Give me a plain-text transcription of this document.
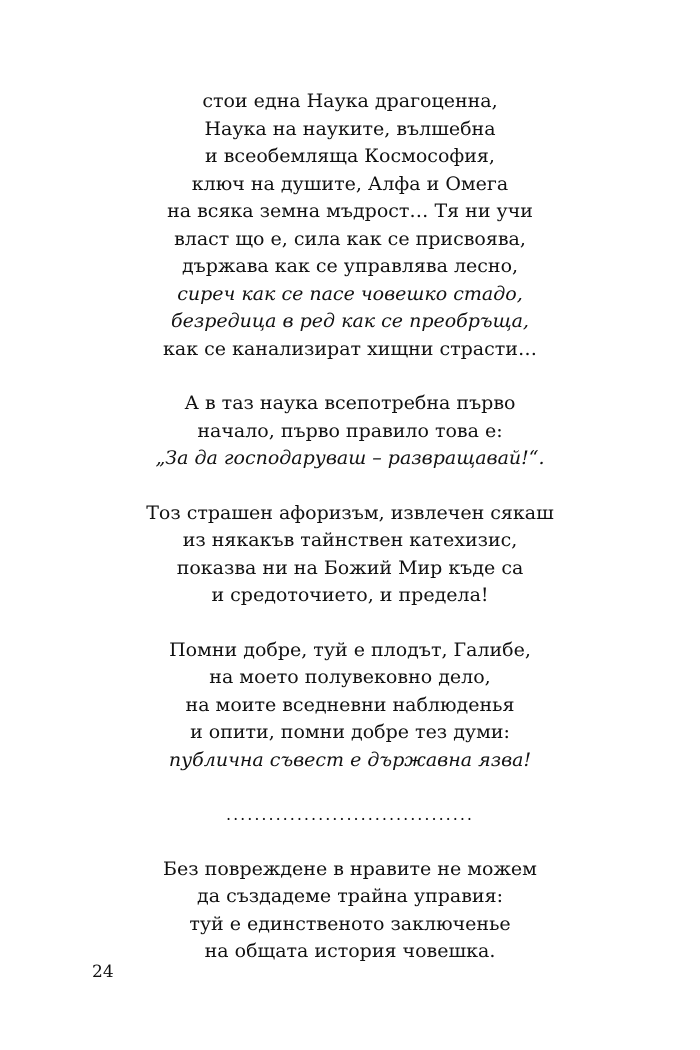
стои една Наука драгоценна,
Наука на науките, вълшебна
и всеобемляща Космософия,
ключ на душите, Алфа и Омега
на всяка земна мъдрост… Тя ни учи
власт що е, сила как се присвоява,
държава как се управлява лесно,
сиреч как се пасе човешко стадо,
безредица в ред как се преобръща,
как се канализират хищни страсти…
А в таз наука всепотребна първо
начало, първо правило това е:
„За да господаруваш – развращавай!“.
Тоз страшен афоризъм, извлечен сякаш
из някакъв тайнствен катехизис,
показва ни на Божий Мир къде са
и средоточието, и предела!
Помни добре, туй е плодът, Галибе,
на моето полувековно дело,
на моите вседневни наблюденья
и опити, помни добре тез думи:
публична съвест е държавна язва!
...................................
Без повреждене в нравите не можем
да създадеме трайна управия:
туй е единственото заключенье
на общата история човешка.
24
